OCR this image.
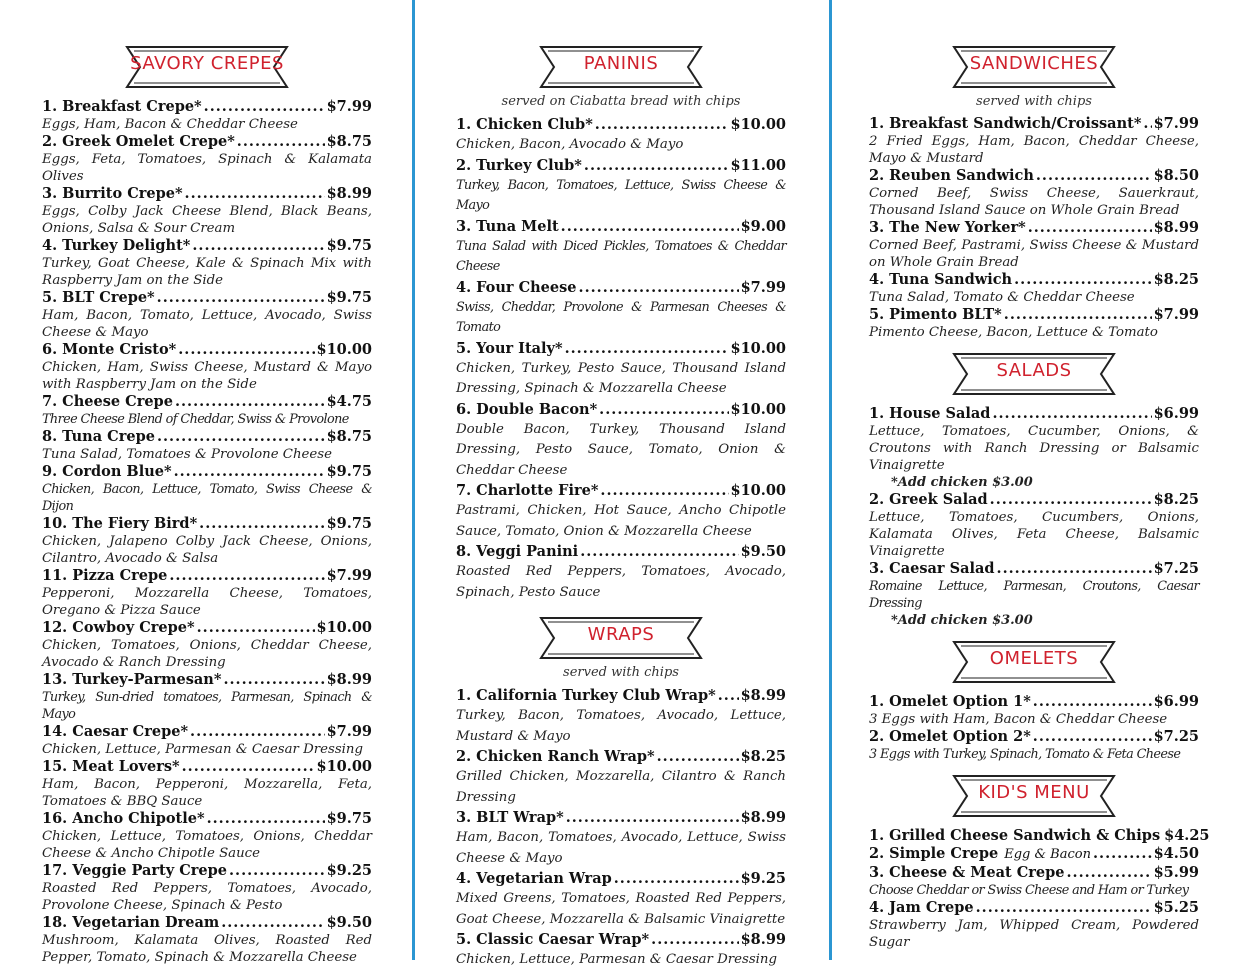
SAVORY CREPES
1. Breakfast Crepe* .....	$7.99
Eggs, Ham, Bacon & Cheddar Cheese
2. Greek Omelet Crepe* .....	$8.75
Eggs, Feta, Tomatoes, Spinach & Kalamata Olives
3. Burrito Crepe* .....	$8.99
Eggs, Colby Jack Cheese Blend, Black Beans, Onions, Salsa & Sour Cream
4. Turkey Delight* .....	$9.75
Turkey, Goat Cheese, Kale & Spinach Mix with Raspberry Jam on the Side
5. BLT Crepe* .....	$9.75
Ham, Bacon, Tomato, Lettuce, Avocado, Swiss Cheese & Mayo
6. Monte Cristo* .....	$10.00
Chicken, Ham, Swiss Cheese, Mustard & Mayo with Raspberry Jam on the Side
7. Cheese Crepe .....	$4.75
Three Cheese Blend of Cheddar, Swiss & Provolone
8. Tuna Crepe .....	$8.75
Tuna Salad, Tomatoes & Provolone Cheese
9. Cordon Blue* .....	$9.75
Chicken, Bacon, Lettuce, Tomato, Swiss Cheese & Dijon
10. The Fiery Bird* .....	$9.75
Chicken, Jalapeno Colby Jack Cheese, Onions, Cilantro, Avocado & Salsa
11. Pizza Crepe .....	$7.99
Pepperoni, Mozzarella Cheese, Tomatoes, Oregano & Pizza Sauce
12. Cowboy Crepe* .....	$10.00
Chicken, Tomatoes, Onions, Cheddar Cheese, Avocado & Ranch Dressing
13. Turkey-Parmesan* .....	$8.99
Turkey, Sun-dried tomatoes, Parmesan, Spinach & Mayo
14. Caesar Crepe* .....	$7.99
Chicken, Lettuce, Parmesan & Caesar Dressing
15. Meat Lovers* .....	$10.00
Ham, Bacon, Pepperoni, Mozzarella, Feta, Tomatoes & BBQ Sauce
16. Ancho Chipotle* .....	$9.75
Chicken, Lettuce, Tomatoes, Onions, Cheddar Cheese & Ancho Chipotle Sauce
17. Veggie Party Crepe .....	$9.25
Roasted Red Peppers, Tomatoes, Avocado, Provolone Cheese, Spinach & Pesto
18. Vegetarian Dream .....	$9.50
Mushroom, Kalamata Olives, Roasted Red Pepper, Tomato, Spinach & Mozzarella Cheese
PANINIS

served on Ciabatta bread with chips

1. Chicken Club* .....	$10.00
Chicken, Bacon, Avocado & Mayo
2. Turkey Club* .....	$11.00
Turkey, Bacon, Tomatoes, Lettuce, Swiss Cheese & Mayo
3. Tuna Melt .....	$9.00
Tuna Salad with Diced Pickles, Tomatoes & Cheddar Cheese
4. Four Cheese .....	$7.99
Swiss, Cheddar, Provolone & Parmesan Cheeses & Tomato
5. Your Italy* .....	$10.00
Chicken, Turkey, Pesto Sauce, Thousand Island Dressing, Spinach & Mozzarella Cheese
6. Double Bacon* .....	$10.00
Double Bacon, Turkey, Thousand Island Dressing, Pesto Sauce, Tomato, Onion & Cheddar Cheese
7. Charlotte Fire* .....	$10.00
Pastrami, Chicken, Hot Sauce, Ancho Chipotle Sauce, Tomato, Onion & Mozzarella Cheese
8. Veggi Panini .....	$9.50
Roasted Red Peppers, Tomatoes, Avocado, Spinach, Pesto Sauce
WRAPS

served with chips

1. California Turkey Club Wrap* ..... $8.99
Turkey, Bacon, Tomatoes, Avocado, Lettuce, Mustard & Mayo
2. Chicken Ranch Wrap* .....	$8.25
Grilled Chicken, Mozzarella, Cilantro & Ranch Dressing
3. BLT Wrap* .....	$8.99
Ham, Bacon, Tomatoes, Avocado, Lettuce, Swiss Cheese & Mayo
4. Vegetarian Wrap .....	$9.25
Mixed Greens, Tomatoes, Roasted Red Peppers, Goat Cheese, Mozzarella & Balsamic Vinaigrette
5. Classic Caesar Wrap* .....	$8.99
Chicken, Lettuce, Parmesan & Caesar Dressing
SANDWICHES

served with chips

1. Breakfast Sandwich/Croissant* ..... $7.99
2 Fried Eggs, Ham, Bacon, Cheddar Cheese, Mayo & Mustard
2. Reuben Sandwich .....	$8.50
Corned Beef, Swiss Cheese, Sauerkraut, Thousand Island Sauce on Whole Grain Bread
3. The New Yorker* .....	$8.99
Corned Beef, Pastrami, Swiss Cheese & Mustard on Whole Grain Bread
4. Tuna Sandwich .....	$8.25
Tuna Salad, Tomato & Cheddar Cheese
5. Pimento BLT* .....	$7.99
Pimento Cheese, Bacon, Lettuce & Tomato
SALADS
1. House Salad .....	$6.99
Lettuce, Tomatoes, Cucumber, Onions, & Croutons with Ranch Dressing or Balsamic Vinaigrette
*Add chicken $3.00
2. Greek Salad .....	$8.25
Lettuce, Tomatoes, Cucumbers, Onions, Kalamata Olives, Feta Cheese, Balsamic Vinaigrette
3. Caesar Salad .....	$7.25
Romaine Lettuce, Parmesan, Croutons, Caesar Dressing
*Add chicken $3.00
OMELETS
1. Omelet Option 1* .....	$6.99
3 Eggs with Ham, Bacon & Cheddar Cheese
2. Omelet Option 2* .....	$7.25
3 Eggs with Turkey, Spinach, Tomato & Feta Cheese
KID'S MENU
1. Grilled Cheese Sandwich & Chips $4.25
2. Simple Crepe Egg & Bacon .....	$4.50
3. Cheese & Meat Crepe .....	$5.99
Choose Cheddar or Swiss Cheese and Ham or Turkey
4. Jam Crepe .....	$5.25
Strawberry Jam, Whipped Cream, Powdered Sugar
